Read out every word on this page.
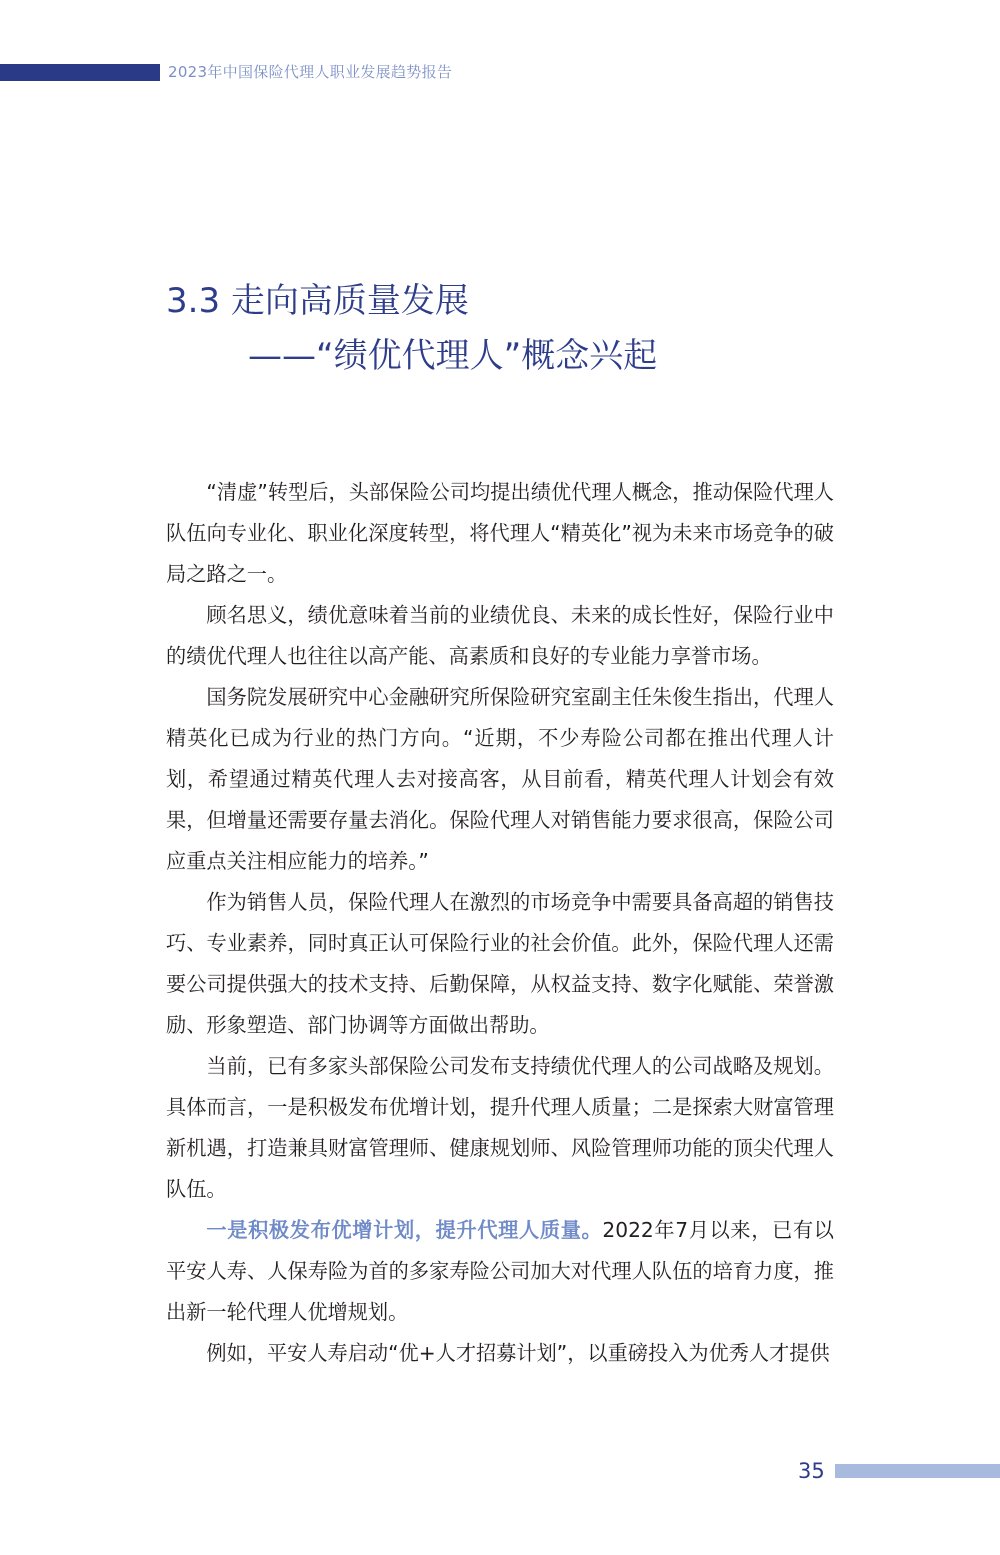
2023年中国保险代理人职业发展趋势报告
3.3 走向高质量发展
——“绩优代理人”概念兴起

“清虚”转型后，头部保险公司均提出绩优代理人概念，推动保险代理人队伍向专业化、职业化深度转型，将代理人“精英化”视为未来市场竞争的破局之路之一。

顾名思义，绩优意味着当前的业绩优良、未来的成长性好，保险行业中的绩优代理人也往往以高产能、高素质和良好的专业能力享誉市场。

国务院发展研究中心金融研究所保险研究室副主任朱俊生指出，代理人精英化已成为行业的热门方向。“近期，不少寿险公司都在推出代理人计划，希望通过精英代理人去对接高客，从目前看，精英代理人计划会有效果，但增量还需要存量去消化。保险代理人对销售能力要求很高，保险公司应重点关注相应能力的培养。”

作为销售人员，保险代理人在激烈的市场竞争中需要具备高超的销售技巧、专业素养，同时真正认可保险行业的社会价值。此外，保险代理人还需要公司提供强大的技术支持、后勤保障，从权益支持、数字化赋能、荣誉激励、形象塑造、部门协调等方面做出帮助。

当前，已有多家头部保险公司发布支持绩优代理人的公司战略及规划。具体而言，一是积极发布优增计划，提升代理人质量；二是探索大财富管理新机遇，打造兼具财富管理师、健康规划师、风险管理师功能的顶尖代理人队伍。

一是积极发布优增计划，提升代理人质量。2022年7月以来，已有以平安人寿、人保寿险为首的多家寿险公司加大对代理人队伍的培育力度，推出新一轮代理人优增规划。

例如，平安人寿启动“优+人才招募计划”，以重磅投入为优秀人才提供

35
